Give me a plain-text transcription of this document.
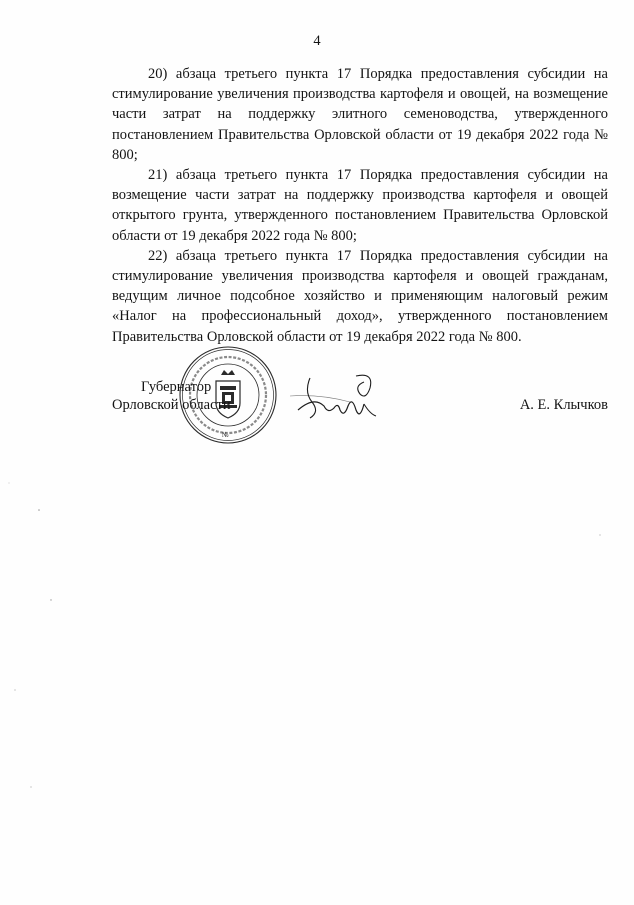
4

20) абзаца третьего пункта 17 Порядка предоставления субсидии на стимулирование увеличения производства картофеля и овощей, на возмещение части затрат на поддержку элитного семеноводства, утвержденного постановлением Правительства Орловской области от 19 декабря 2022 года № 800;

21) абзаца третьего пункта 17 Порядка предоставления субсидии на возмещение части затрат на поддержку производства картофеля и овощей открытого грунта, утвержденного постановлением Правительства Орловской области от 19 декабря 2022 года № 800;

22) абзаца третьего пункта 17 Порядка предоставления субсидии на стимулирование увеличения производства картофеля и овощей гражданам, ведущим личное подсобное хозяйство и применяющим налоговый режим «Налог на профессиональный доход», утвержденного постановлением Правительства Орловской области от 19 декабря 2022 года № 800.

№
Губернатор
Орловской области	А. Е. Клычков
